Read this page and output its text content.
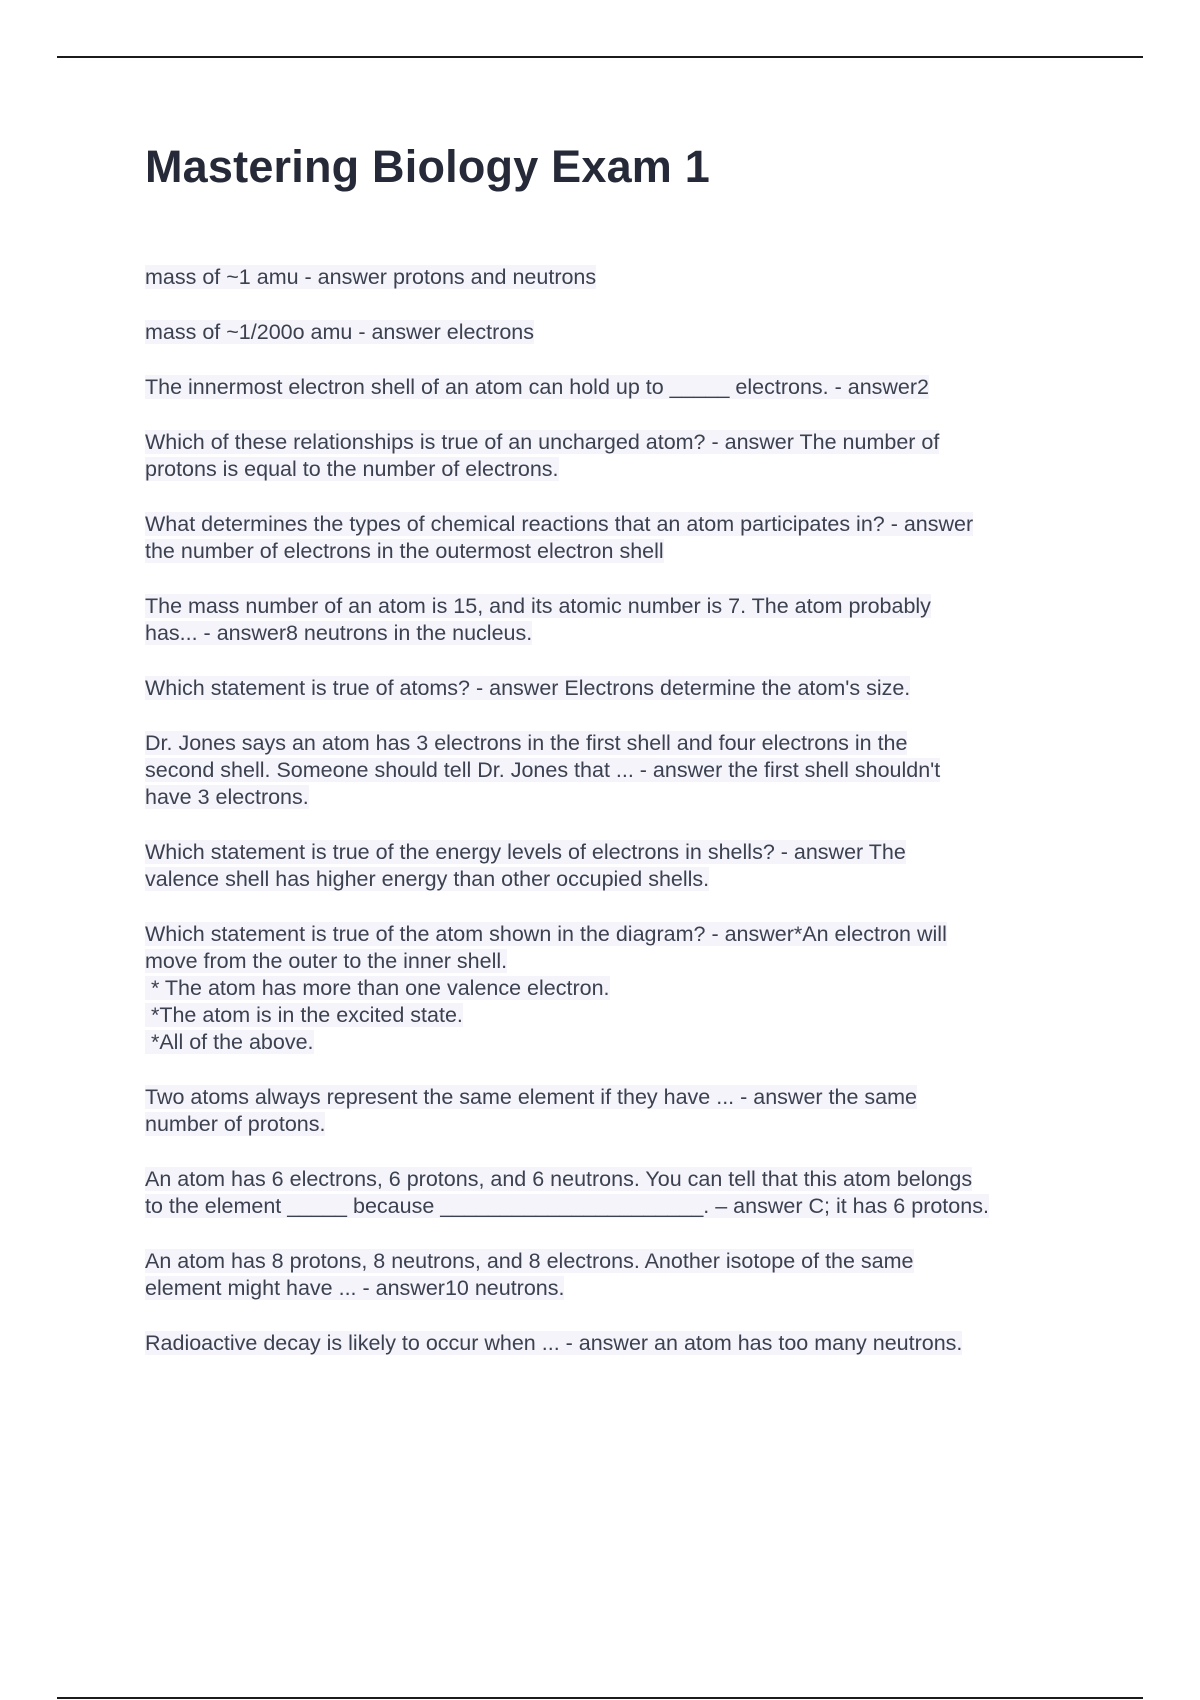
Mastering Biology Exam 1

mass of ~1 amu - answer protons and neutrons

mass of ~1/200o amu - answer electrons

The innermost electron shell of an atom can hold up to _____ electrons. - answer2

Which of these relationships is true of an uncharged atom? - answer The number of
protons is equal to the number of electrons.

What determines the types of chemical reactions that an atom participates in? - answer
the number of electrons in the outermost electron shell

The mass number of an atom is 15, and its atomic number is 7. The atom probably
has... - answer8 neutrons in the nucleus.

Which statement is true of atoms? - answer Electrons determine the atom's size.

Dr. Jones says an atom has 3 electrons in the first shell and four electrons in the
second shell. Someone should tell Dr. Jones that ... - answer the first shell shouldn't
have 3 electrons.

Which statement is true of the energy levels of electrons in shells? - answer The
valence shell has higher energy than other occupied shells.

Which statement is true of the atom shown in the diagram? - answer*An electron will
move from the outer to the inner shell.
* The atom has more than one valence electron.
*The atom is in the excited state.
*All of the above.

Two atoms always represent the same element if they have ... - answer the same
number of protons.

An atom has 6 electrons, 6 protons, and 6 neutrons. You can tell that this atom belongs
to the element _____ because ______________________. – answer C; it has 6 protons.

An atom has 8 protons, 8 neutrons, and 8 electrons. Another isotope of the same
element might have ... - answer10 neutrons.

Radioactive decay is likely to occur when ... - answer an atom has too many neutrons.
